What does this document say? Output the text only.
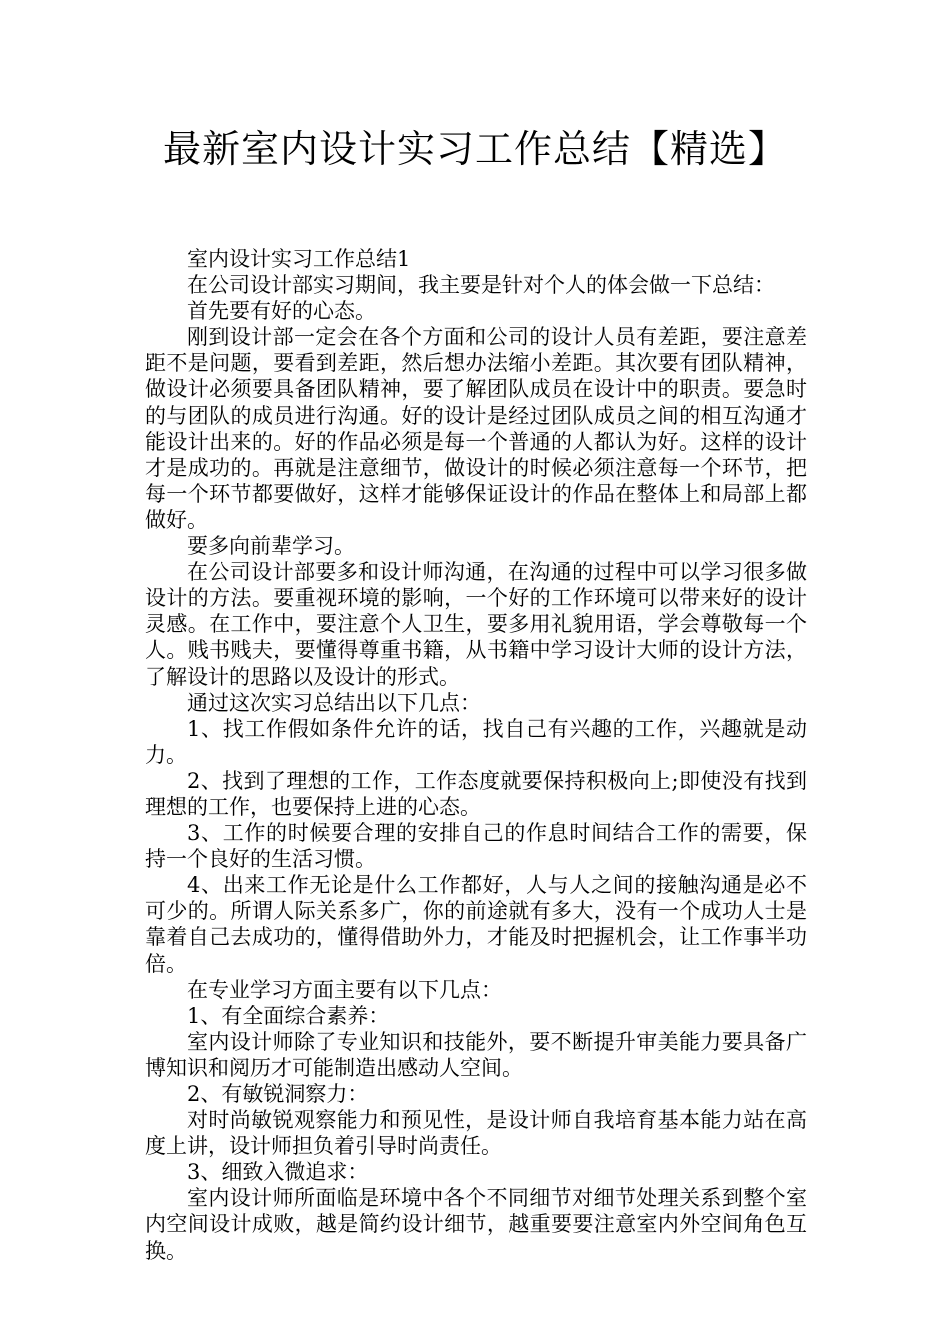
最新室内设计实习工作总结【精选】

室内设计实习工作总结1

在公司设计部实习期间，我主要是针对个人的体会做一下总结：

首先要有好的心态。

刚到设计部一定会在各个方面和公司的设计人员有差距，要注意差距不是问题，要看到差距，然后想办法缩小差距。其次要有团队精神，做设计必须要具备团队精神，要了解团队成员在设计中的职责。要急时的与团队的成员进行沟通。好的设计是经过团队成员之间的相互沟通才能设计出来的。好的作品必须是每一个普通的人都认为好。这样的设计才是成功的。再就是注意细节，做设计的时候必须注意每一个环节，把每一个环节都要做好，这样才能够保证设计的作品在整体上和局部上都做好。

要多向前辈学习。

在公司设计部要多和设计师沟通，在沟通的过程中可以学习很多做设计的方法。要重视环境的影响，一个好的工作环境可以带来好的设计灵感。在工作中，要注意个人卫生，要多用礼貌用语，学会尊敬每一个人。贱书贱夫，要懂得尊重书籍，从书籍中学习设计大师的设计方法，了解设计的思路以及设计的形式。

通过这次实习总结出以下几点：

1、找工作假如条件允许的话，找自己有兴趣的工作，兴趣就是动力。

2、找到了理想的工作，工作态度就要保持积极向上;即使没有找到理想的工作，也要保持上进的心态。

3、工作的时候要合理的安排自己的作息时间结合工作的需要，保持一个良好的生活习惯。

4、出来工作无论是什么工作都好，人与人之间的接触沟通是必不可少的。所谓人际关系多广，你的前途就有多大，没有一个成功人士是靠着自己去成功的，懂得借助外力，才能及时把握机会，让工作事半功倍。

在专业学习方面主要有以下几点：

1、有全面综合素养：

室内设计师除了专业知识和技能外，要不断提升审美能力要具备广博知识和阅历才可能制造出感动人空间。

2、有敏锐洞察力：

对时尚敏锐观察能力和预见性，是设计师自我培育基本能力站在高度上讲，设计师担负着引导时尚责任。

3、细致入微追求：

室内设计师所面临是环境中各个不同细节对细节处理关系到整个室内空间设计成败，越是简约设计细节，越重要要注意室内外空间角色互换。
